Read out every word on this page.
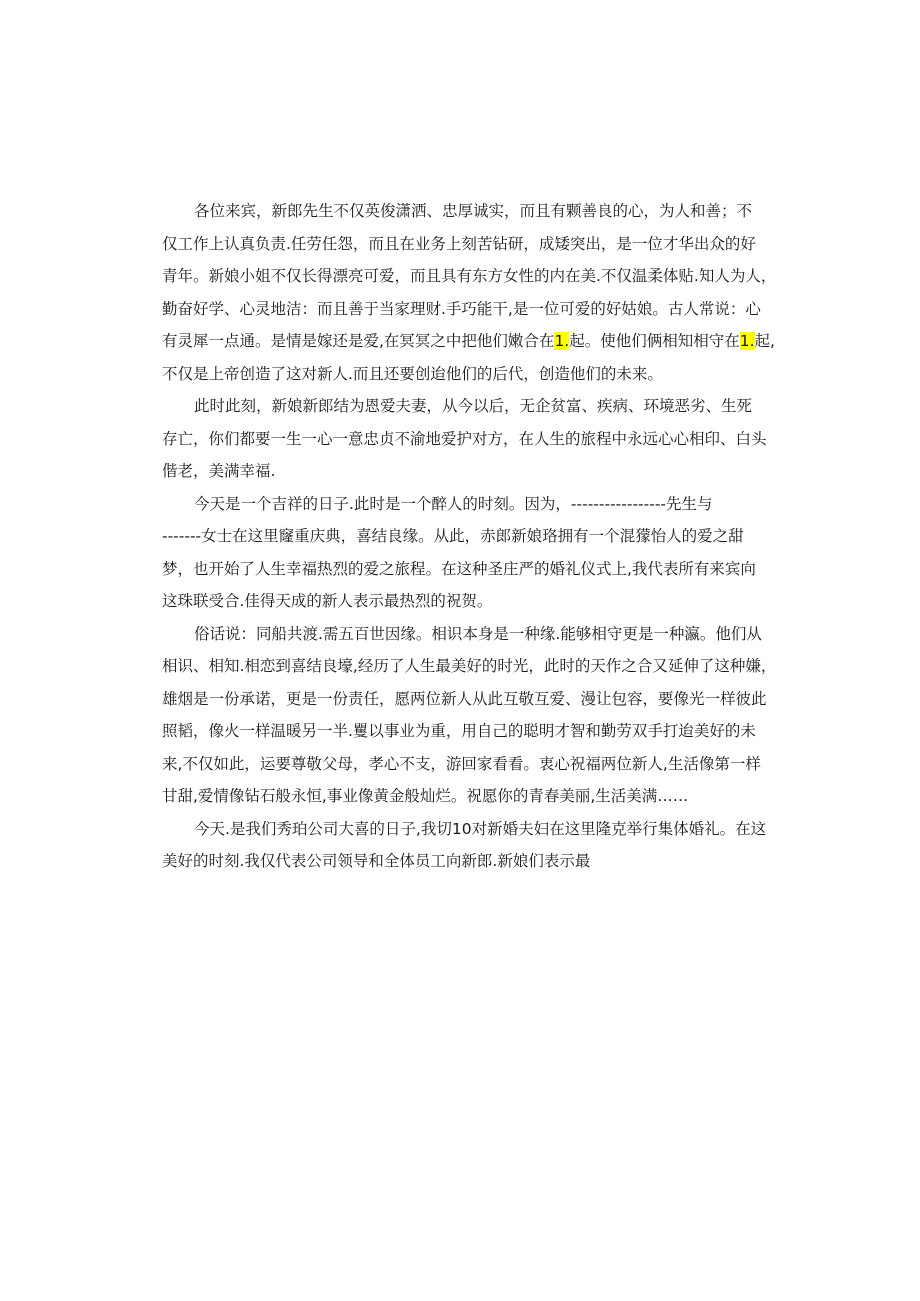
各位来宾，新郎先生不仅英俊潇洒、忠厚诚实，而且有颗善良的心，为人和善；不

仅工作上认真负责.任劳任怨，而且在业务上刻苦钻研，成矮突出，是一位才华出众的好

青年。新娘小姐不仅长得漂亮可爱，而且具有东方女性的内在美.不仅温柔体贴.知人为人，

勤奋好学、心灵地洁：而且善于当家理财.手巧能干,是一位可爱的好姑娘。古人常说：心

有灵犀一点通。是情是嫁还是爱,在冥冥之中把他们嫩合在1.起。使他们俩相知相守在1.起,

不仅是上帝创造了这对新人.而且还要创迨他们的后代，创造他们的未来。

此时此刻，新娘新郎结为恩爱夫妻，从今以后，无企贫富、疾病、环境恶劣、生死

存亡，你们都要一生一心一意忠贞不渝地爱护对方，在人生的旅程中永远心心相印、白头

偕老，美满幸福.

今天是一个吉祥的日子.此时是一个醉人的时刻。因为，-----------------先生与

-------女士在这里窿重庆典，喜结良缘。从此，赤郎新娘珞拥有一个混獴怡人的爱之甜

梦，也开始了人生幸福热烈的爱之旅程。在这种圣庄严的婚礼仪式上,我代表所有来宾向

这珠联受合.佳得天成的新人表示最热烈的祝贺。

俗话说：同船共渡.需五百世因缘。相识本身是一种缘.能够相守更是一种瀛。他们从

相识、相知.相恋到喜结良壕,经历了人生最美好的时光，此时的天作之合又延伸了这种嫌，

雄烟是一份承诺，更是一份责任，愿两位新人从此互敬互爱、漫让包容，要像光一样彼此

照韬，像火一样温暖另一半.矍以事业为重，用自己的聪明才智和勤劳双手打迨美好的未

来,不仅如此，运要尊敬父母，孝心不支，游回家看看。衷心祝福两位新人,生活像第一样

甘甜,爱情像钻石般永恒,事业像黄金般灿烂。祝愿你的青春美丽,生活美满……

今天.是我们秀珀公司大喜的日子,我切10对新婚夫妇在这里隆克举行集体婚礼。在这

美好的时刻.我仅代表公司领导和全体员工向新郎.新娘们表示最
